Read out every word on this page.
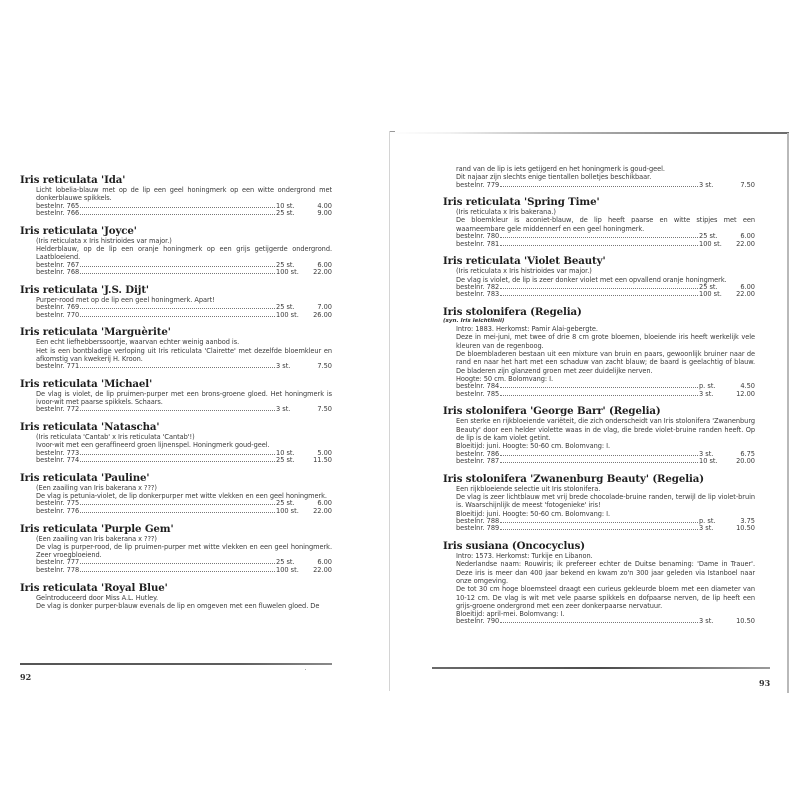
Iris reticulata 'Ida'
Licht lobelia-blauw met op de lip een geel honingmerk op een witte ondergrond met donkerblauwe spikkels.
bestelnr. 765	10 st.	4.00
bestelnr. 766	25 st.	9.00
Iris reticulata 'Joyce'
(Iris reticulata x Iris histrioides var major.)
Helderblauw, op de lip een oranje honingmerk op een grijs getijgerde ondergrond. Laatbloeiend.
bestelnr. 767	25 st.	6.00
bestelnr. 768	100 st.	22.00
Iris reticulata 'J.S. Dijt'
Purper-rood met op de lip een geel honingmerk. Apart!
bestelnr. 769	25 st.	7.00
bestelnr. 770	100 st.	26.00
Iris reticulata 'Marguèrite'
Een echt liefhebberssoortje, waarvan echter weinig aanbod is.
Het is een bontbladige verloping uit Iris reticulata 'Clairette' met dezelfde bloemkleur en afkomstig van kwekerij H. Kroon.
bestelnr. 771	3 st.	7.50
Iris reticulata 'Michael'
De vlag is violet, de lip pruimen-purper met een brons-groene gloed. Het honingmerk is ivoor-wit met paarse spikkels. Schaars.
bestelnr. 772	3 st.	7.50
Iris reticulata 'Natascha'
(Iris reticulata 'Cantab' x Iris reticulata 'Cantab'!)
Ivoor-wit met een geraffineerd groen lijnenspel. Honingmerk goud-geel.
bestelnr. 773	10 st.	5.00
bestelnr. 774	25 st.	11.50
Iris reticulata 'Pauline'
(Een zaailing van Iris bakerana x ???)
De vlag is petunia-violet, de lip donkerpurper met witte vlekken en een geel honingmerk.
bestelnr. 775	25 st.	6.00
bestelnr. 776	100 st.	22.00
Iris reticulata 'Purple Gem'
(Een zaailing van Iris bakerana x ???)
De vlag is purper-rood, de lip pruimen-purper met witte vlekken en een geel honingmerk. Zeer vroegbloeiend.
bestelnr. 777	25 st.	6.00
bestelnr. 778	100 st.	22.00
Iris reticulata 'Royal Blue'
Geïntroduceerd door Miss A.L. Hutley.
De vlag is donker purper-blauw evenals de lip en omgeven met een fluwelen gloed. De
92
rand van de lip is iets getijgerd en het honingmerk is goud-geel.
Dit najaar zijn slechts enige tientallen bolletjes beschikbaar.
bestelnr. 779	3 st.	7.50
Iris reticulata 'Spring Time'
(Iris reticulata x Iris bakerana.)
De bloemkleur is aconiet-blauw, de lip heeft paarse en witte stipjes met een waarneembare gele middennerf en een geel honingmerk.
bestelnr. 780	25 st.	6.00
bestelnr. 781	100 st.	22.00
Iris reticulata 'Violet Beauty'
(Iris reticulata x Iris histrioides var major.)
De vlag is violet, de lip is zeer donker violet met een opvallend oranje honingmerk.
bestelnr. 782	25 st.	6.00
bestelnr. 783	100 st.	22.00
Iris stolonifera (Regelia)
(syn. Iris leichtlinii)
Intro: 1883. Herkomst: Pamir Alai-gebergte.
Deze in mei-juni, met twee of drie 8 cm grote bloemen, bloeiende iris heeft werkelijk vele kleuren van de regenboog.
De bloembladeren bestaan uit een mixture van bruin en paars, gewoonlijk bruiner naar de rand en naar het hart met een schaduw van zacht blauw; de baard is geelachtig of blauw. De bladeren zijn glanzend groen met zeer duidelijke nerven.
Hoogte: 50 cm. Bolomvang: I.
bestelnr. 784	p. st.	4.50
bestelnr. 785	3 st.	12.00
Iris stolonifera 'George Barr' (Regelia)
Een sterke en rijkbloeiende variëteit, die zich onderscheidt van Iris stolonifera 'Zwanenburg Beauty' door een helder violette waas in de vlag, die brede violet-bruine randen heeft. Op de lip is de kam violet getint.
Bloeitijd: juni. Hoogte: 50-60 cm. Bolomvang: I.
bestelnr. 786	3 st.	6.75
bestelnr. 787	10 st.	20.00
Iris stolonifera 'Zwanenburg Beauty' (Regelia)
Een rijkbloeiende selectie uit Iris stolonifera.
De vlag is zeer lichtblauw met vrij brede chocolade-bruine randen, terwijl de lip violet-bruin is. Waarschijnlijk de meest 'fotogenieke' iris!
Bloeitijd: juni. Hoogte: 50-60 cm. Bolomvang: I.
bestelnr. 788	p. st.	3.75
bestelnr. 789	3 st.	10.50
Iris susiana (Oncocyclus)
Intro: 1573. Herkomst: Turkije en Libanon.
Nederlandse naam: Rouwiris; ik prefereer echter de Duitse benaming: 'Dame in Trauer'. Deze iris is meer dan 400 jaar bekend en kwam zo'n 300 jaar geleden via Istanboel naar onze omgeving.
De tot 30 cm hoge bloemsteel draagt een curieus gekleurde bloem met een diameter van 10-12 cm. De vlag is wit met vele paarse spikkels en dofpaarse nerven, de lip heeft een grijs-groene ondergrond met een zeer donkerpaarse nervatuur.
Bloeitijd: april-mei. Bolomvang: I.
bestelnr. 790	3 st.	10.50
93
